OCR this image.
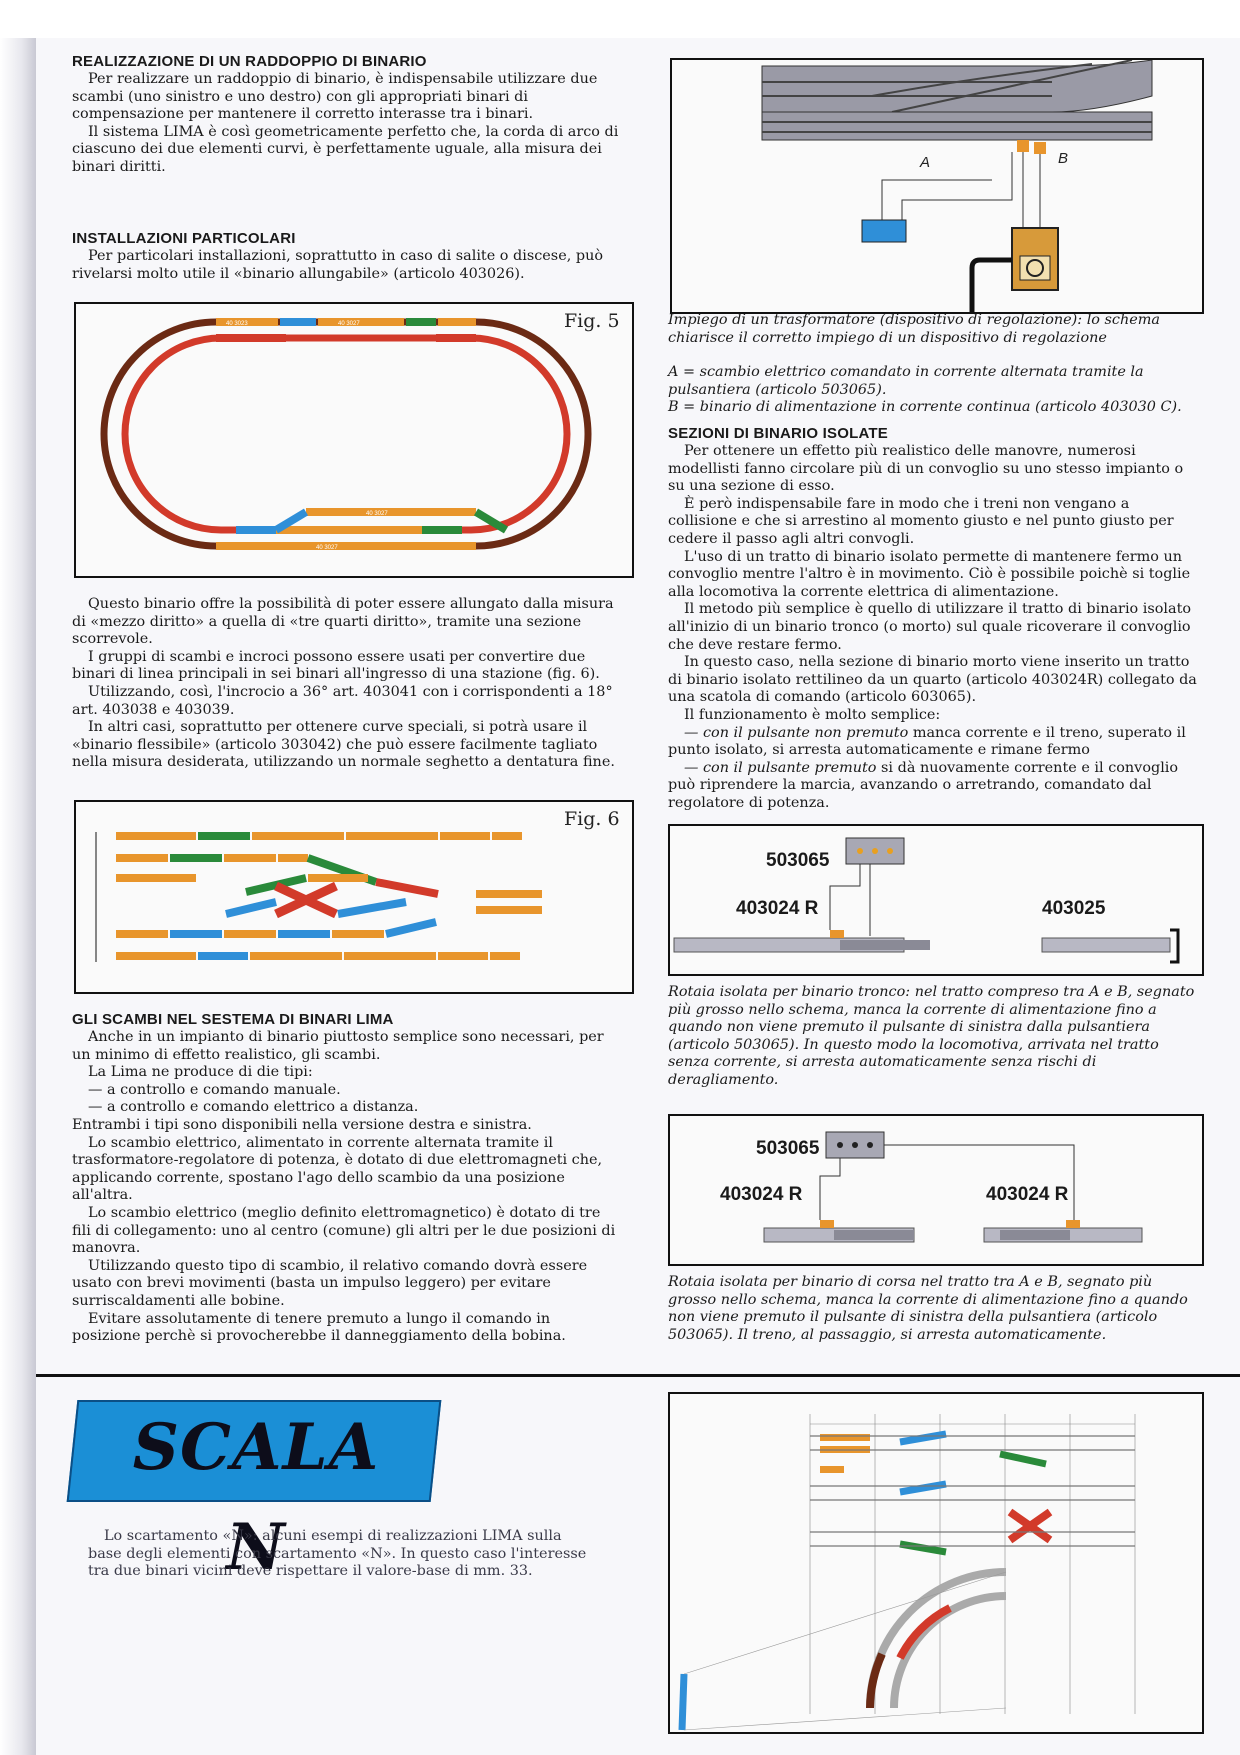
REALIZZAZIONE DI UN RADDOPPIO DI BINARIO

Per realizzare un raddoppio di binario, è indispensabile utilizzare due scambi (uno sinistro e uno destro) con gli appropriati binari di compensazione per mantenere il corretto interasse tra i binari.

Il sistema LIMA è così geometricamente perfetto che, la corda di arco di ciascuno dei due elementi curvi, è perfettamente uguale, alla misura dei binari diritti.

INSTALLAZIONI PARTICOLARI

Per particolari installazioni, soprattutto in caso di salite o discese, può rivelarsi molto utile il «binario allungabile» (articolo 403026).

40 3023	40 3027
40 3027
40 3027
Fig. 5

Questo binario offre la possibilità di poter essere allungato dalla misura di «mezzo diritto» a quella di «tre quarti diritto», tramite una sezione scorrevole.

I gruppi di scambi e incroci possono essere usati per convertire due binari di linea principali in sei binari all'ingresso di una stazione (fig. 6).

Utilizzando, così, l'incrocio a 36° art. 403041 con i corrispondenti a 18° art. 403038 e 403039.

In altri casi, soprattutto per ottenere curve speciali, si potrà usare il «binario flessibile» (articolo 303042) che può essere facilmente tagliato nella misura desiderata, utilizzando un normale seghetto a dentatura fine.

Fig. 6
GLI SCAMBI NEL SESTEMA DI BINARI LIMA

Anche in un impianto di binario piuttosto semplice sono necessari, per un minimo di effetto realistico, gli scambi.

La Lima ne produce di die tipi:

— a controllo e comando manuale.

— a controllo e comando elettrico a distanza.

Entrambi i tipi sono disponibili nella versione destra e sinistra.

Lo scambio elettrico, alimentato in corrente alternata tramite il trasformatore-regolatore di potenza, è dotato di due elettromagneti che, applicando corrente, spostano l'ago dello scambio da una posizione all'altra.

Lo scambio elettrico (meglio definito elettromagnetico) è dotato di tre fili di collegamento: uno al centro (comune) gli altri per le due posizioni di manovra.

Utilizzando questo tipo di scambio, il relativo comando dovrà essere usato con brevi movimenti (basta un impulso leggero) per evitare surriscaldamenti alle bobine.

Evitare assolutamente di tenere premuto a lungo il comando in posizione perchè si provocherebbe il danneggiamento della bobina.

A	B

Impiego di un trasformatore (dispositivo di regolazione): lo schema chiarisce il corretto impiego di un dispositivo di regolazione

A = scambio elettrico comandato in corrente alternata tramite la pulsantiera (articolo 503065).

B = binario di alimentazione in corrente continua (articolo 403030 C).

SEZIONI DI BINARIO ISOLATE

Per ottenere un effetto più realistico delle manovre, numerosi modellisti fanno circolare più di un convoglio su uno stesso impianto o su una sezione di esso.

È però indispensabile fare in modo che i treni non vengano a collisione e che si arrestino al momento giusto e nel punto giusto per cedere il passo agli altri convogli.

L'uso di un tratto di binario isolato permette di mantenere fermo un convoglio mentre l'altro è in movimento. Ciò è possibile poichè si toglie alla locomotiva la corrente elettrica di alimentazione.

Il metodo più semplice è quello di utilizzare il tratto di binario isolato all'inizio di un binario tronco (o morto) sul quale ricoverare il convoglio che deve restare fermo.

In questo caso, nella sezione di binario morto viene inserito un tratto di binario isolato rettilineo da un quarto (articolo 403024R) collegato da una scatola di comando (articolo 603065).

Il funzionamento è molto semplice:

— con il pulsante non premuto manca corrente e il treno, superato il punto isolato, si arresta automaticamente e rimane fermo

— con il pulsante premuto si dà nuovamente corrente e il convoglio può riprendere la marcia, avanzando o arretrando, comandato dal regolatore di potenza.

503065
403024 R	403025

Rotaia isolata per binario tronco: nel tratto compreso tra A e B, segnato più grosso nello schema, manca la corrente di alimentazione fino a quando non viene premuto il pulsante di sinistra dalla pulsantiera (articolo 503065). In questo modo la locomotiva, arrivata nel tratto senza corrente, si arresta automaticamente senza rischi di deragliamento.

503065
403024 R	403024 R

Rotaia isolata per binario di corsa nel tratto tra A e B, segnato più grosso nello schema, manca la corrente di alimentazione fino a quando non viene premuto il pulsante di sinistra della pulsantiera (articolo 503065). Il treno, al passaggio, si arresta automaticamente.

SCALA N

Lo scartamento «N»: alcuni esempi di realizzazioni LIMA sulla base degli elementi con scartamento «N». In questo caso l'interesse tra due binari vicini deve rispettare il valore-base di mm. 33.
